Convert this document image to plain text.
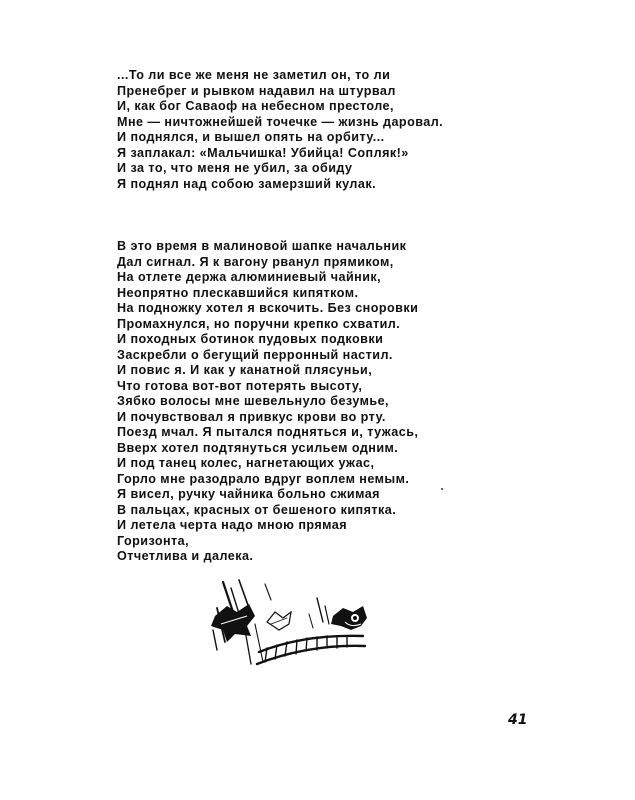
...То ли все же меня не заметил он, то ли
Пренебрег и рывком надавил на штурвал
И, как бог Саваоф на небесном престоле,
Мне — ничтожнейшей точечке — жизнь даровал.
И поднялся, и вышел опять на орбиту...
Я заплакал: «Мальчишка! Убийца! Сопляк!»
И за то, что меня не убил, за обиду
Я поднял над собою замерзший кулак.
В это время в малиновой шапке начальник
Дал сигнал. Я к вагону рванул прямиком,
На отлете держа алюминиевый чайник,
Неопрятно плескавшийся кипятком.
На подножку хотел я вскочить. Без сноровки
Промахнулся, но поручни крепко схватил.
И походных ботинок пудовых подковки
Заскребли о бегущий перронный настил.
И повис я. И как у канатной плясуньи,
Что готова вот-вот потерять высоту,
Зябко волосы мне шевельнуло безумье,
И почувствовал я привкус крови во рту.
Поезд мчал. Я пытался подняться и, тужась,
Вверх хотел подтянуться усильем одним.
И под танец колес, нагнетающих ужас,
Горло мне разодрало вдруг воплем немым.
Я висел, ручку чайника больно сжимая
В пальцах, красных от бешеного кипятка.
И летела черта надо мною прямая
Горизонта,
Отчетлива и далека.
41
